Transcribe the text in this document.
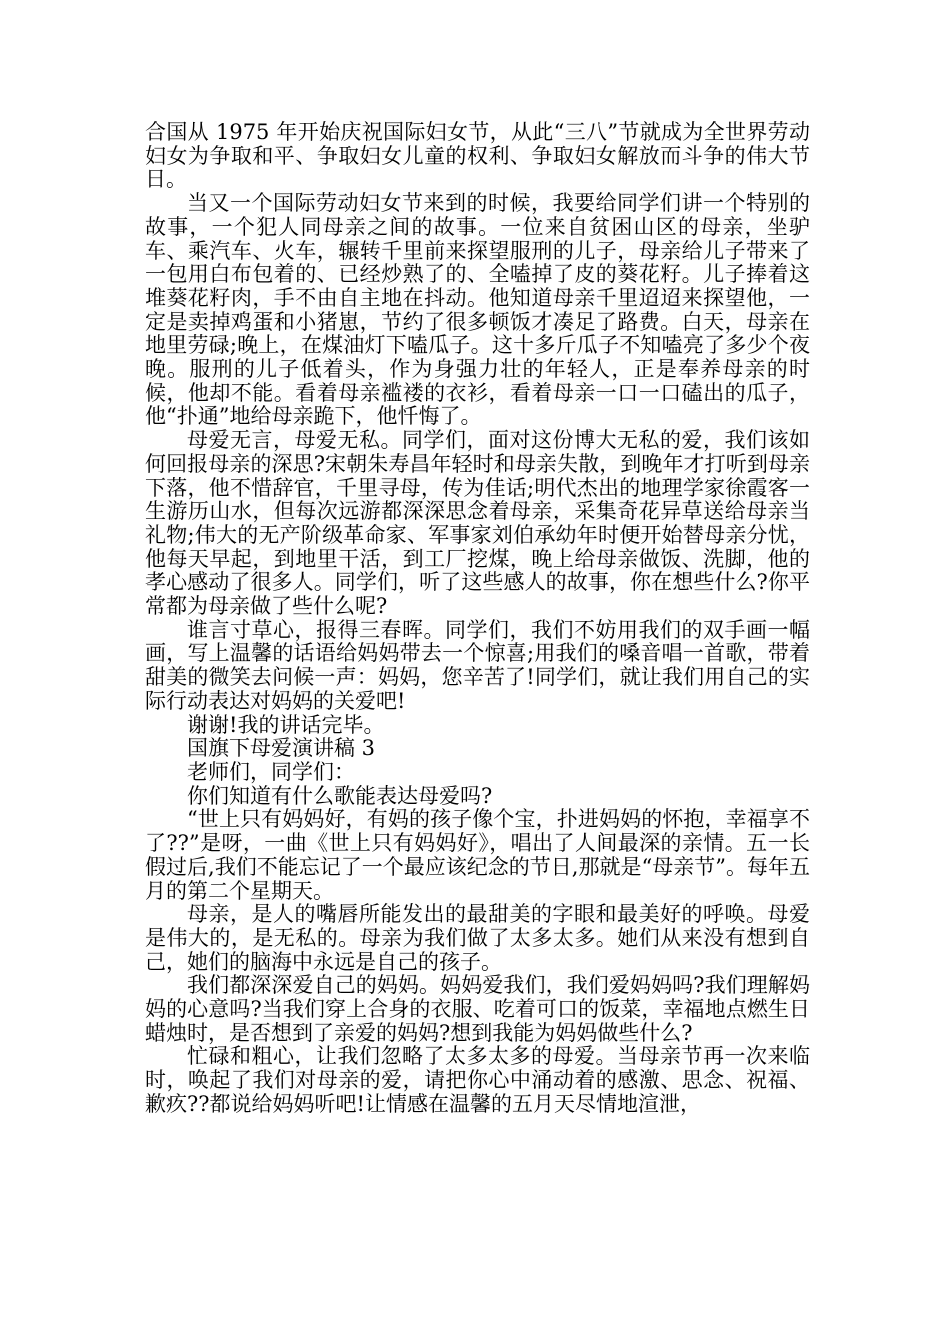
合国从 1975 年开始庆祝国际妇女节，从此“三八”节就成为全世界劳动妇女为争取和平、争取妇女儿童的权利、争取妇女解放而斗争的伟大节日。

当又一个国际劳动妇女节来到的时候，我要给同学们讲一个特别的故事，一个犯人同母亲之间的故事。一位来自贫困山区的母亲，坐驴车、乘汽车、火车，辗转千里前来探望服刑的儿子，母亲给儿子带来了一包用白布包着的、已经炒熟了的、全嗑掉了皮的葵花籽。儿子捧着这堆葵花籽肉，手不由自主地在抖动。他知道母亲千里迢迢来探望他，一定是卖掉鸡蛋和小猪崽，节约了很多顿饭才凑足了路费。白天，母亲在地里劳碌;晚上，在煤油灯下嗑瓜子。这十多斤瓜子不知嗑亮了多少个夜晚。服刑的儿子低着头，作为身强力壮的年轻人，正是奉养母亲的时候，他却不能。看着母亲褴褛的衣衫，看着母亲一口一口磕出的瓜子，他“扑通”地给母亲跪下，他忏悔了。

母爱无言，母爱无私。同学们，面对这份博大无私的爱，我们该如何回报母亲的深思?宋朝朱寿昌年轻时和母亲失散，到晚年才打听到母亲下落，他不惜辞官，千里寻母，传为佳话;明代杰出的地理学家徐霞客一生游历山水，但每次远游都深深思念着母亲，采集奇花异草送给母亲当礼物;伟大的无产阶级革命家、军事家刘伯承幼年时便开始替母亲分忧，他每天早起，到地里干活，到工厂挖煤，晚上给母亲做饭、洗脚，他的孝心感动了很多人。同学们，听了这些感人的故事，你在想些什么?你平常都为母亲做了些什么呢?

谁言寸草心，报得三春晖。同学们，我们不妨用我们的双手画一幅画，写上温馨的话语给妈妈带去一个惊喜;用我们的嗓音唱一首歌，带着甜美的微笑去问候一声：妈妈，您辛苦了!同学们，就让我们用自己的实际行动表达对妈妈的关爱吧!

谢谢!我的讲话完毕。

国旗下母爱演讲稿 3

老师们，同学们：

你们知道有什么歌能表达母爱吗?

“世上只有妈妈好，有妈的孩子像个宝，扑进妈妈的怀抱，幸福享不了??”是呀，一曲《世上只有妈妈好》，唱出了人间最深的亲情。五一长假过后,我们不能忘记了一个最应该纪念的节日,那就是“母亲节”。每年五月的第二个星期天。

母亲，是人的嘴唇所能发出的最甜美的字眼和最美好的呼唤。母爱是伟大的，是无私的。母亲为我们做了太多太多。她们从来没有想到自己，她们的脑海中永远是自己的孩子。

我们都深深爱自己的妈妈。妈妈爱我们，我们爱妈妈吗?我们理解妈妈的心意吗?当我们穿上合身的衣服、吃着可口的饭菜，幸福地点燃生日蜡烛时，是否想到了亲爱的妈妈?想到我能为妈妈做些什么?

忙碌和粗心，让我们忽略了太多太多的母爱。当母亲节再一次来临时，唤起了我们对母亲的爱，请把你心中涌动着的感激、思念、祝福、歉疚??都说给妈妈听吧!让情感在温馨的五月天尽情地渲泄，
